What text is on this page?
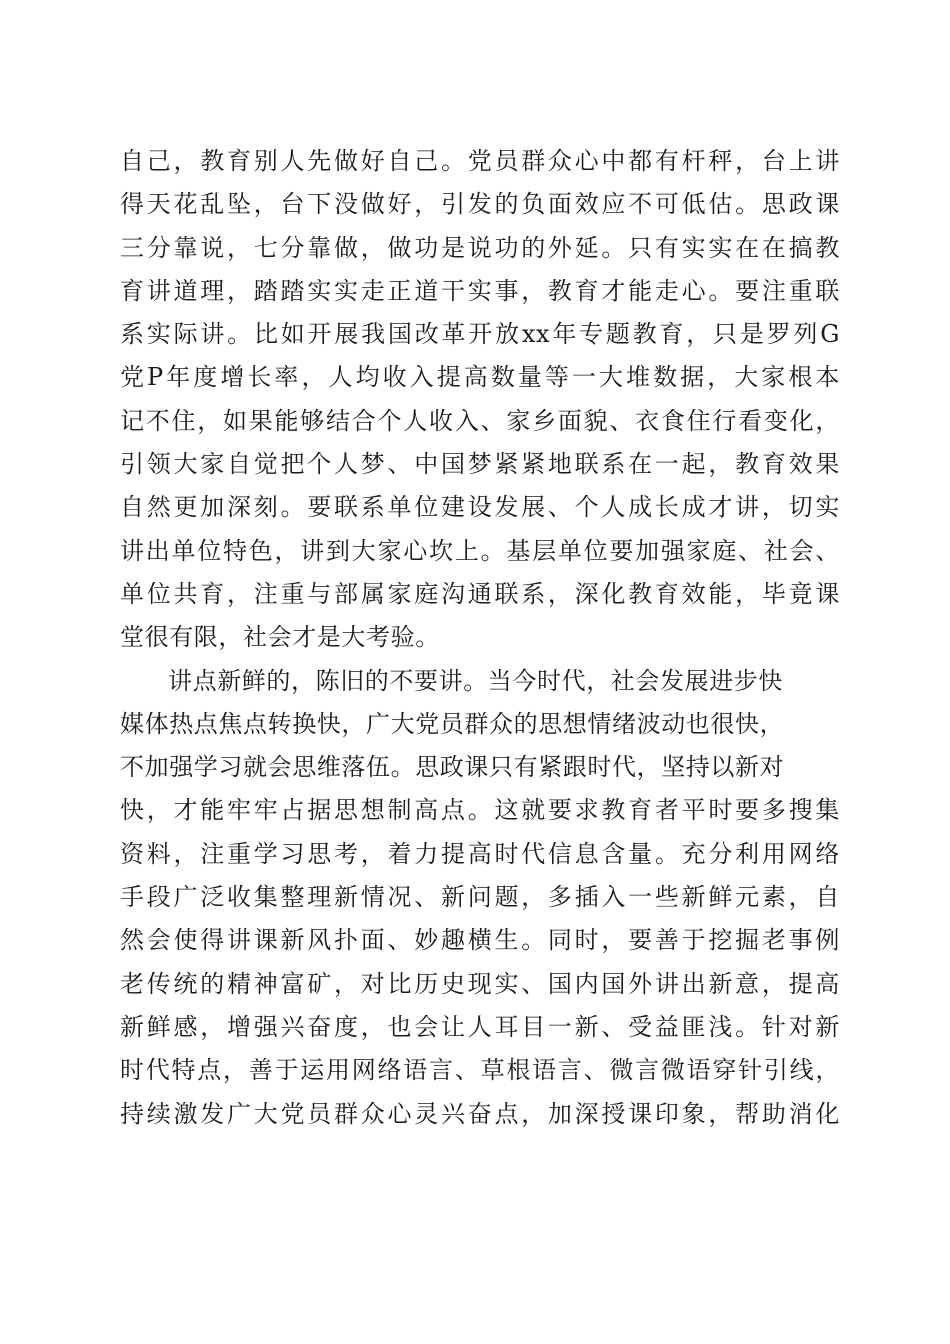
自己，教育别人先做好自己。党员群众心中都有杆秤，台上讲
得天花乱坠，台下没做好，引发的负面效应不可低估。思政课
三分靠说，七分靠做，做功是说功的外延。只有实实在在搞教
育讲道理，踏踏实实走正道干实事，教育才能走心。要注重联
系实际讲。比如开展我国改革开放xx年专题教育，只是罗列G
党P年度增长率，人均收入提高数量等一大堆数据，大家根本
记不住，如果能够结合个人收入、家乡面貌、衣食住行看变化，
引领大家自觉把个人梦、中国梦紧紧地联系在一起，教育效果
自然更加深刻。要联系单位建设发展、个人成长成才讲，切实
讲出单位特色，讲到大家心坎上。基层单位要加强家庭、社会、
单位共育，注重与部属家庭沟通联系，深化教育效能，毕竟课
堂很有限，社会才是大考验。
讲点新鲜的，陈旧的不要讲。当今时代，社会发展进步快
媒体热点焦点转换快，广大党员群众的思想情绪波动也很快，
不加强学习就会思维落伍。思政课只有紧跟时代，坚持以新对
快，才能牢牢占据思想制高点。这就要求教育者平时要多搜集
资料，注重学习思考，着力提高时代信息含量。充分利用网络
手段广泛收集整理新情况、新问题，多插入一些新鲜元素，自
然会使得讲课新风扑面、妙趣横生。同时，要善于挖掘老事例
老传统的精神富矿，对比历史现实、国内国外讲出新意，提高
新鲜感，增强兴奋度，也会让人耳目一新、受益匪浅。针对新
时代特点，善于运用网络语言、草根语言、微言微语穿针引线，
持续激发广大党员群众心灵兴奋点，加深授课印象，帮助消化
